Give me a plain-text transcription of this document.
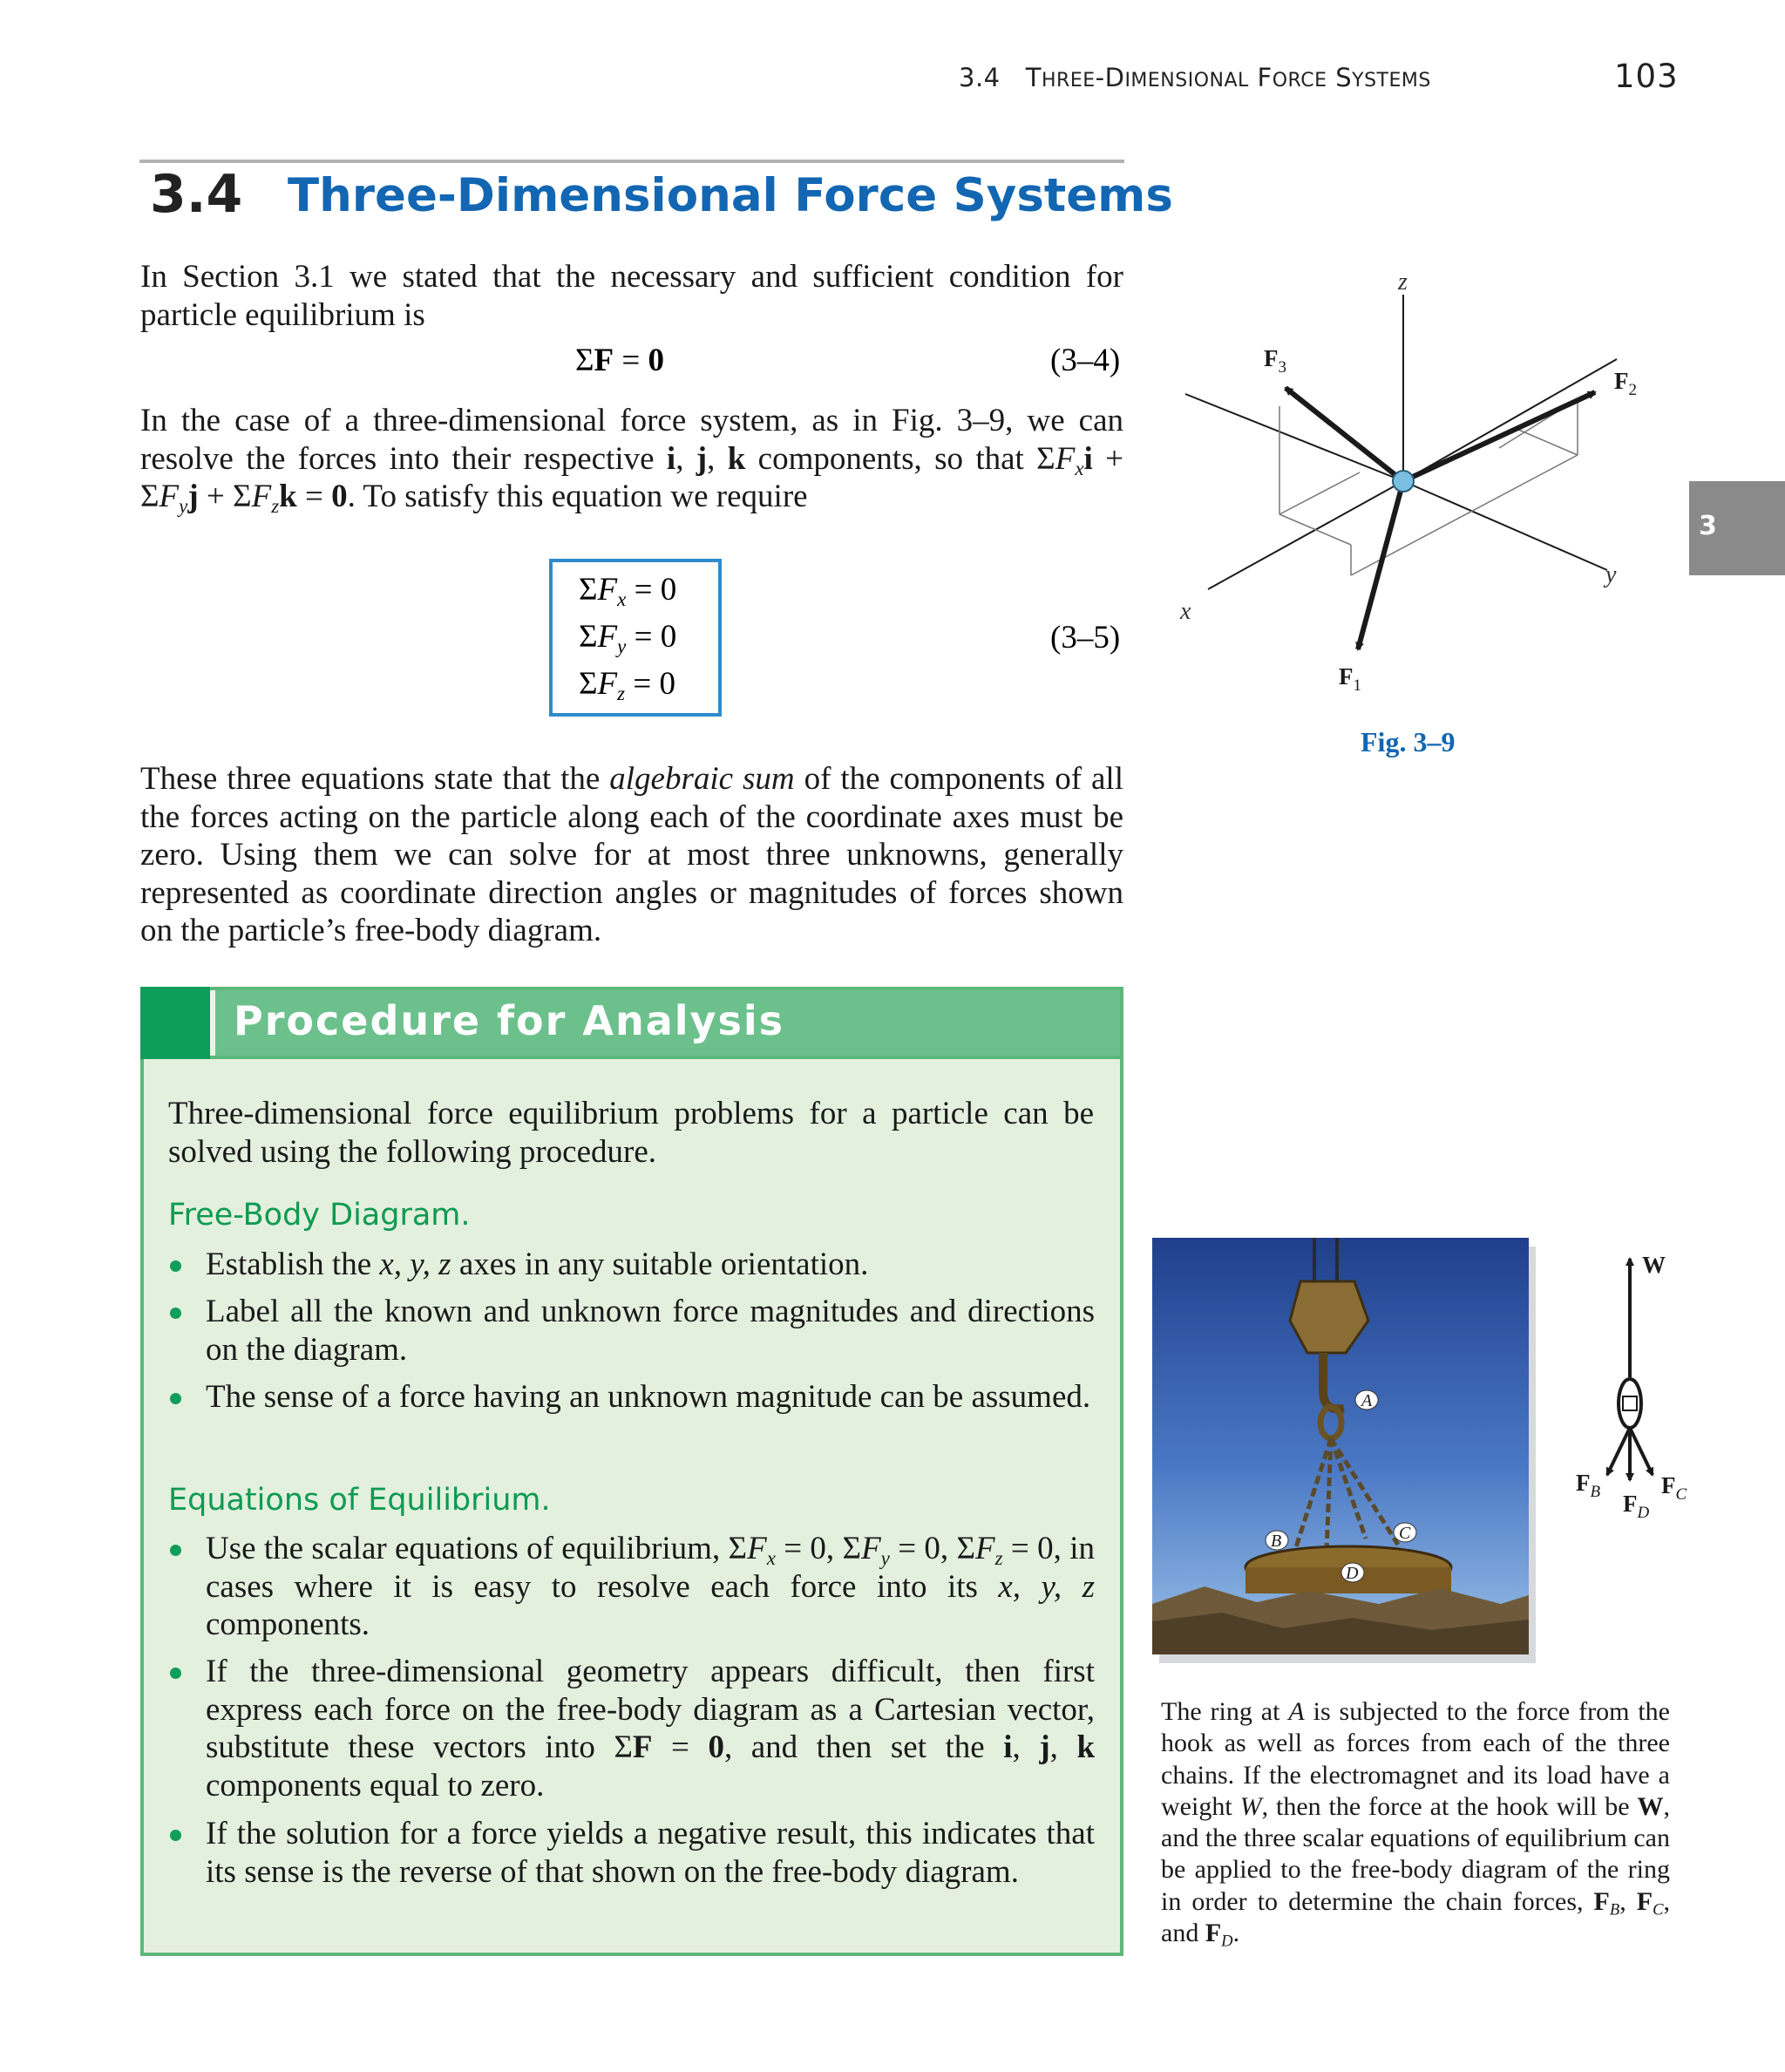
3.4 THREE-DIMENSIONAL FORCE SYSTEMS	103
3.4 Three-Dimensional Force Systems
In Section 3.1 we stated that the necessary and sufficient condition for particle equilibrium is
ΣF = 0	(3–4)
In the case of a three-dimensional force system, as in Fig. 3–9, we can resolve the forces into their respective i, j, k components, so that $\Sigma F_xi + \Sigma F_yj + \Sigma F_zk = 0$. To satisfy this equation we require
$\Sigma F_x = 0$
$\Sigma F_y = 0$
$\Sigma F_z = 0$
(3–5)
These three equations state that the algebraic sum of the components of all the forces acting on the particle along each of the coordinate axes must be zero. Using them we can solve for at most three unknowns, generally represented as coordinate direction angles or magnitudes of forces shown on the particle’s free-body diagram.
Procedure for Analysis
Three-dimensional force equilibrium problems for a particle can be solved using the following procedure.
Free-Body Diagram.
Establish the x, y, z axes in any suitable orientation.
Label all the known and unknown force magnitudes and directions on the diagram.
The sense of a force having an unknown magnitude can be assumed.
Equations of Equilibrium.
Use the scalar equations of equilibrium, $\Sigma F_x = 0$, $\Sigma F_y = 0$, $\Sigma F_z = 0$, in cases where it is easy to resolve each force into its x, y, z components.
If the three-dimensional geometry appears difficult, then first express each force on the free-body diagram as a Cartesian vector, substitute these vectors into ΣF = 0, and then set the i, j, k components equal to zero.
If the solution for a force yields a negative result, this indicates that its sense is the reverse of that shown on the free-body diagram.
3
z
x
y
$F_3$
$F_2$
$F_1$
Fig. 3–9
A
B	C
D
W
$F_B$ $F_D$
$F_C$
The ring at A is subjected to the force from the hook as well as forces from each of the three chains. If the electromagnet and its load have a weight W, then the force at the hook will be W, and the three scalar equations of equilibrium can be applied to the free-body diagram of the ring in order to determine the chain forces, $F_B$, $F_C$, and $F_D$.
